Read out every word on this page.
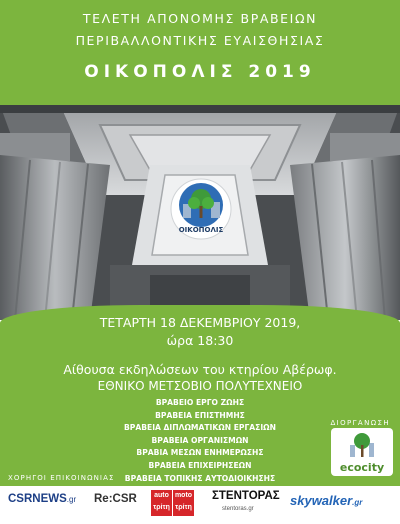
ΤΕΛΕΤΗ ΑΠΟΝΟΜΗΣ ΒΡΑΒΕΙΩΝ
ΠΕΡΙΒΑΛΛΟΝΤΙΚΗΣ ΕΥΑΙΣΘΗΣΙΑΣ
ΟΙΚΟΠΟΛΙΣ 2019
ΟΙΚΟΠΟΛΙΣ
ΤΕΤΑΡΤΗ 18 ΔΕΚΕΜΒΡΙΟΥ 2019,
ώρα 18:30
Αίθουσα εκδηλώσεων του κτηρίου Αβέρωφ.
ΕΘΝΙΚΟ ΜΕΤΣΟΒΙΟ ΠΟΛΥΤΕΧΝΕΙΟ
ΒΡΑΒΕΙΟ ΕΡΓΟ ΖΩΗΣ
ΒΡΑΒΕΙΑ ΕΠΙΣΤΗΜΗΣ
ΒΡΑΒΕΙΑ ΔΙΠΛΩΜΑΤΙΚΩΝ ΕΡΓΑΣΙΩΝ
ΒΡΑΒΕΙΑ ΟΡΓΑΝΙΣΜΩΝ
ΒΡΑΒΙΑ ΜΕΣΩΝ ΕΝΗΜΕΡΩΣΗΣ
ΒΡΑΒΕΙΑ ΕΠΙΧΕΙΡΗΣΕΩΝ
ΒΡΑΒΕΙΑ ΤΟΠΙΚΗΣ ΑΥΤΟΔΙΟΙΚΗΣΗΣ
ΔΙΟΡΓΑΝΩΣΗ
ecocity
ΧΟΡΗΓΟΙ ΕΠΙΚΟΙΝΩΝΙΑΣ
CSRNEWS.gr Re:CSR	auto
τρίτη
moto
τρίτη
ΣΤΕΝΤΟΡΑΣ
stentoras.gr
skywalker.gr
